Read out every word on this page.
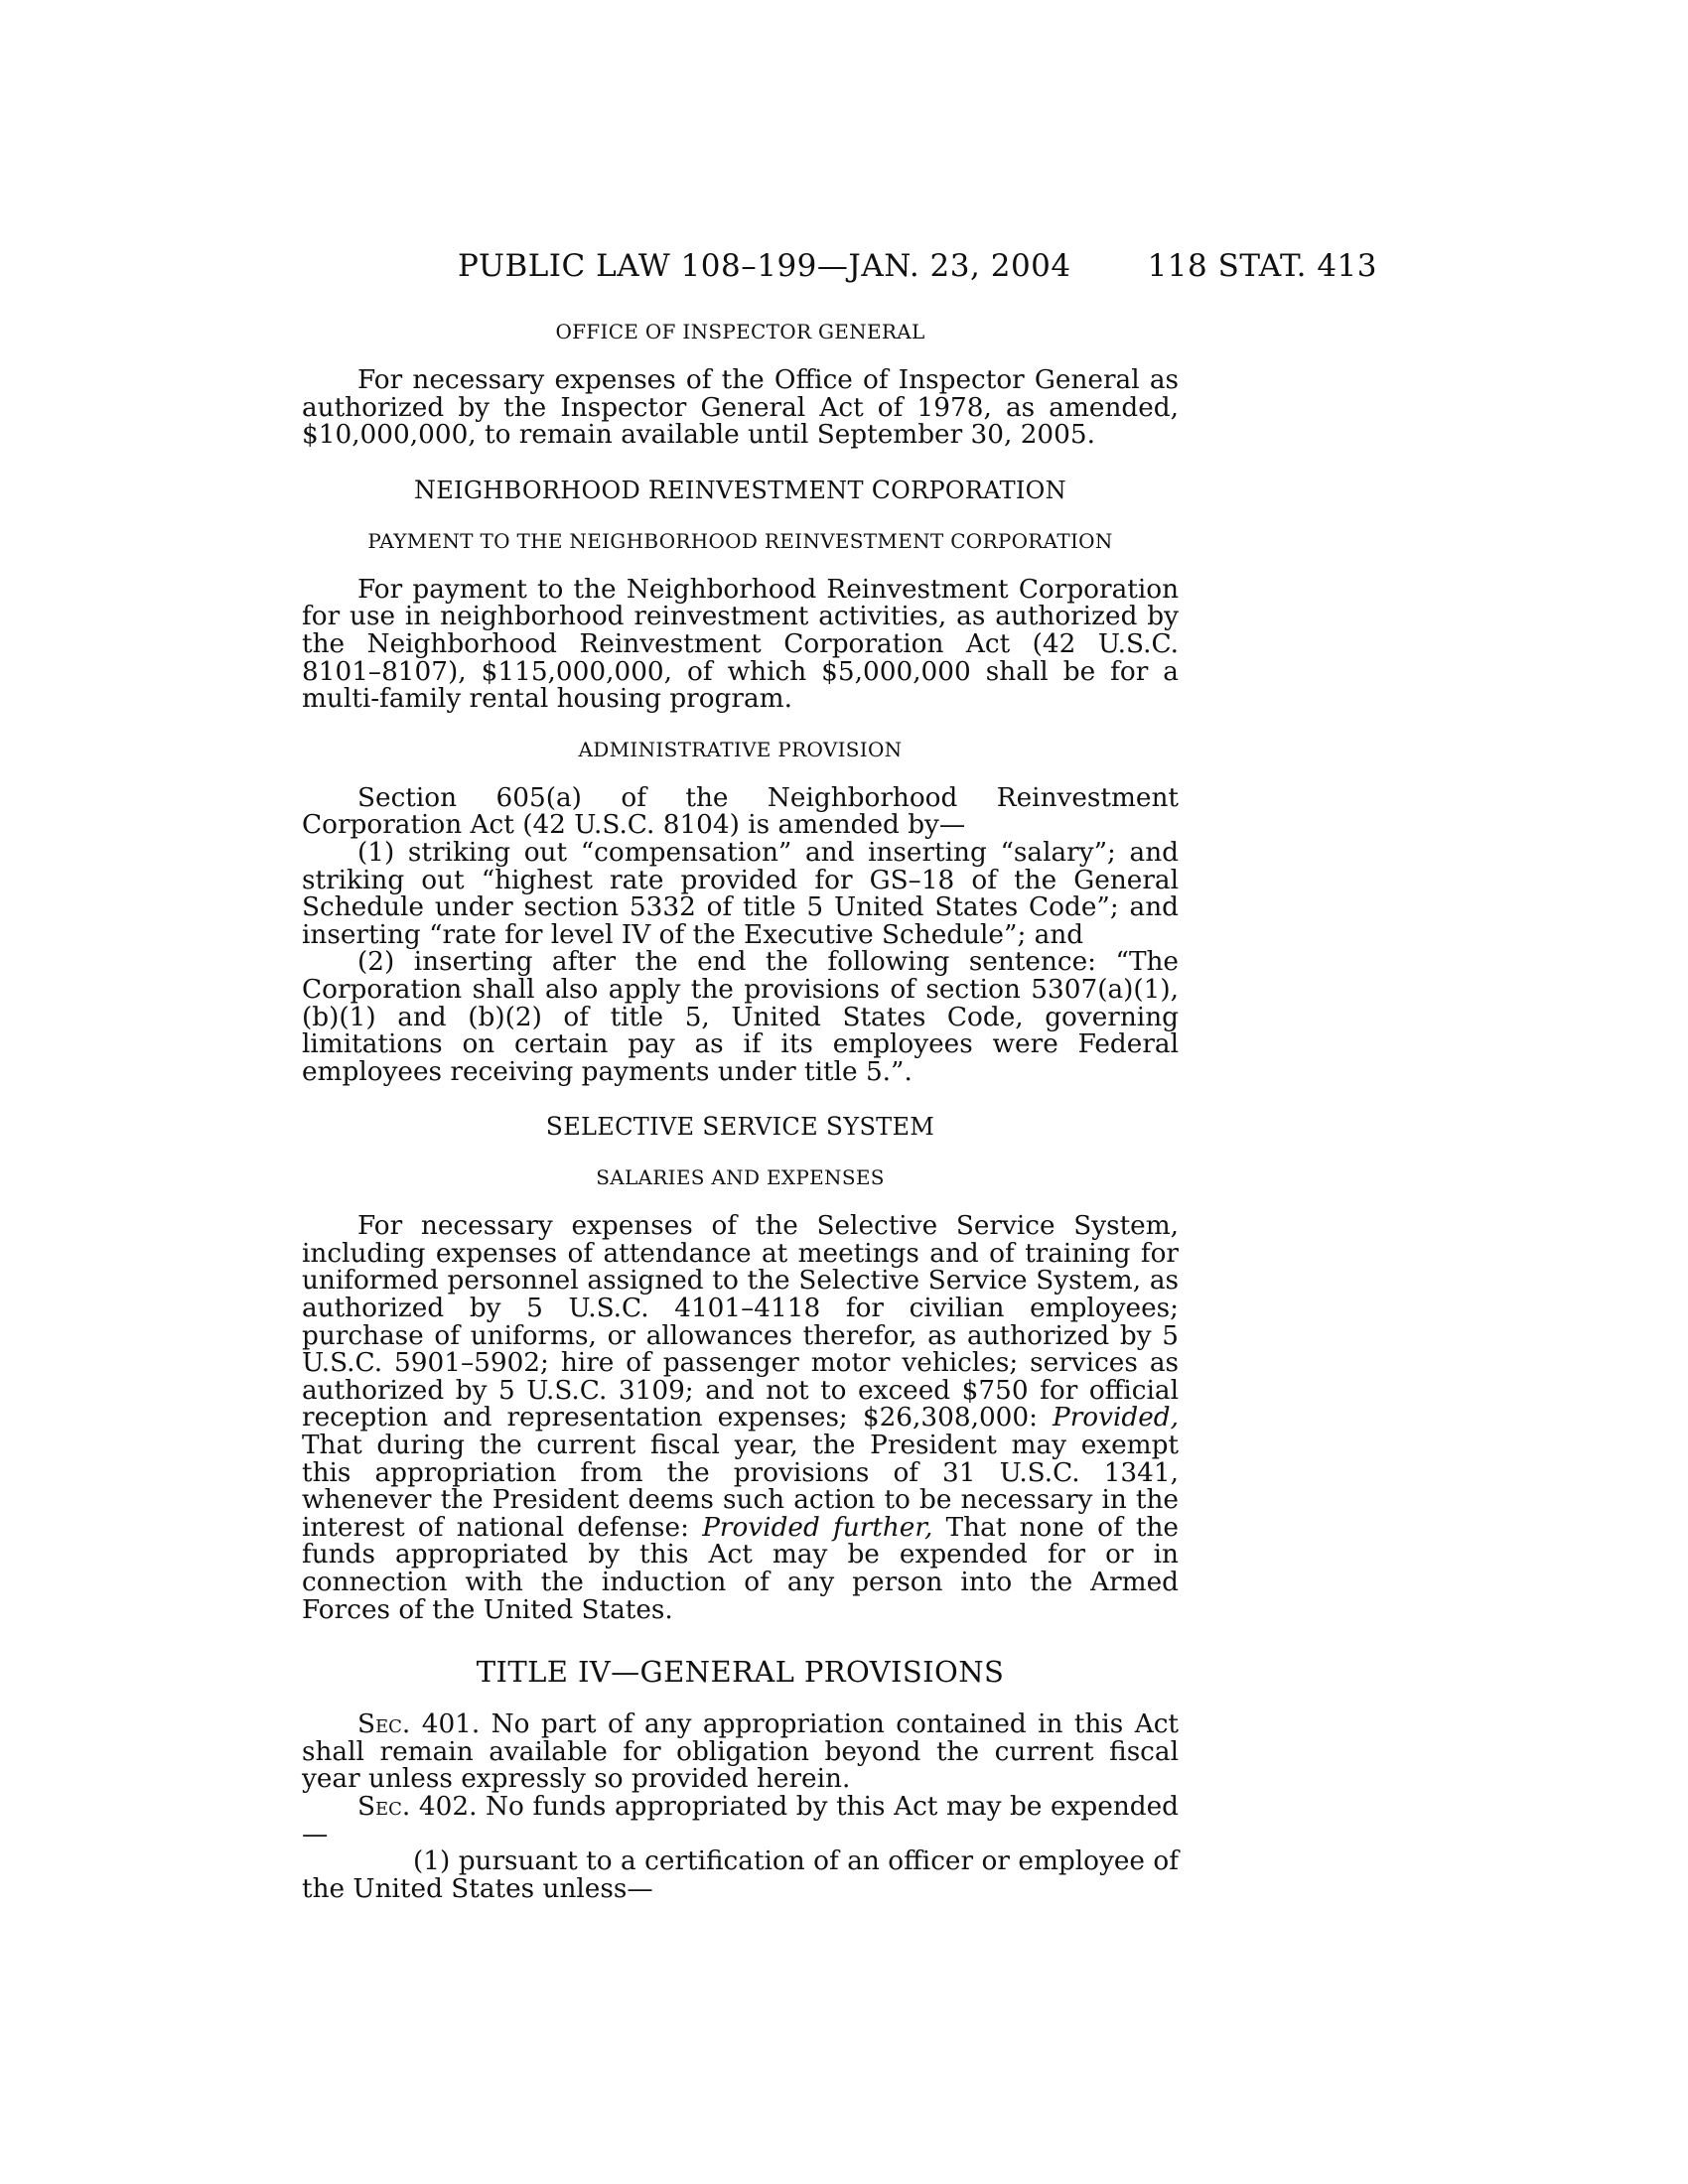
PUBLIC LAW 108–199—JAN. 23, 2004 118 STAT. 413

OFFICE OF INSPECTOR GENERAL

For necessary expenses of the Office of Inspector General as authorized by the Inspector General Act of 1978, as amended, $10,000,000, to remain available until September 30, 2005.

NEIGHBORHOOD REINVESTMENT CORPORATION

PAYMENT TO THE NEIGHBORHOOD REINVESTMENT CORPORATION

For payment to the Neighborhood Reinvestment Corporation for use in neighborhood reinvestment activities, as authorized by the Neighborhood Reinvestment Corporation Act (42 U.S.C. 8101–8107), $115,000,000, of which $5,000,000 shall be for a multi-family rental housing program.

ADMINISTRATIVE PROVISION

Section 605(a) of the Neighborhood Reinvestment Corporation Act (42 U.S.C. 8104) is amended by—

(1) striking out “compensation” and inserting “salary”; and striking out “highest rate provided for GS–18 of the General Schedule under section 5332 of title 5 United States Code”; and inserting “rate for level IV of the Executive Schedule”; and

(2) inserting after the end the following sentence: “The Corporation shall also apply the provisions of section 5307(a)(1), (b)(1) and (b)(2) of title 5, United States Code, governing limitations on certain pay as if its employees were Federal employees receiving payments under title 5.”.

SELECTIVE SERVICE SYSTEM

SALARIES AND EXPENSES

For necessary expenses of the Selective Service System, including expenses of attendance at meetings and of training for uniformed personnel assigned to the Selective Service System, as authorized by 5 U.S.C. 4101–4118 for civilian employees; purchase of uniforms, or allowances therefor, as authorized by 5 U.S.C. 5901–5902; hire of passenger motor vehicles; services as authorized by 5 U.S.C. 3109; and not to exceed $750 for official reception and representation expenses; $26,308,000: Provided, That during the current fiscal year, the President may exempt this appropriation from the provisions of 31 U.S.C. 1341, whenever the President deems such action to be necessary in the interest of national defense: Provided further, That none of the funds appropriated by this Act may be expended for or in connection with the induction of any person into the Armed Forces of the United States.

TITLE IV—GENERAL PROVISIONS

Sec. 401. No part of any appropriation contained in this Act shall remain available for obligation beyond the current fiscal year unless expressly so provided herein.

Sec. 402. No funds appropriated by this Act may be expended—

(1) pursuant to a certification of an officer or employee of the United States unless—
